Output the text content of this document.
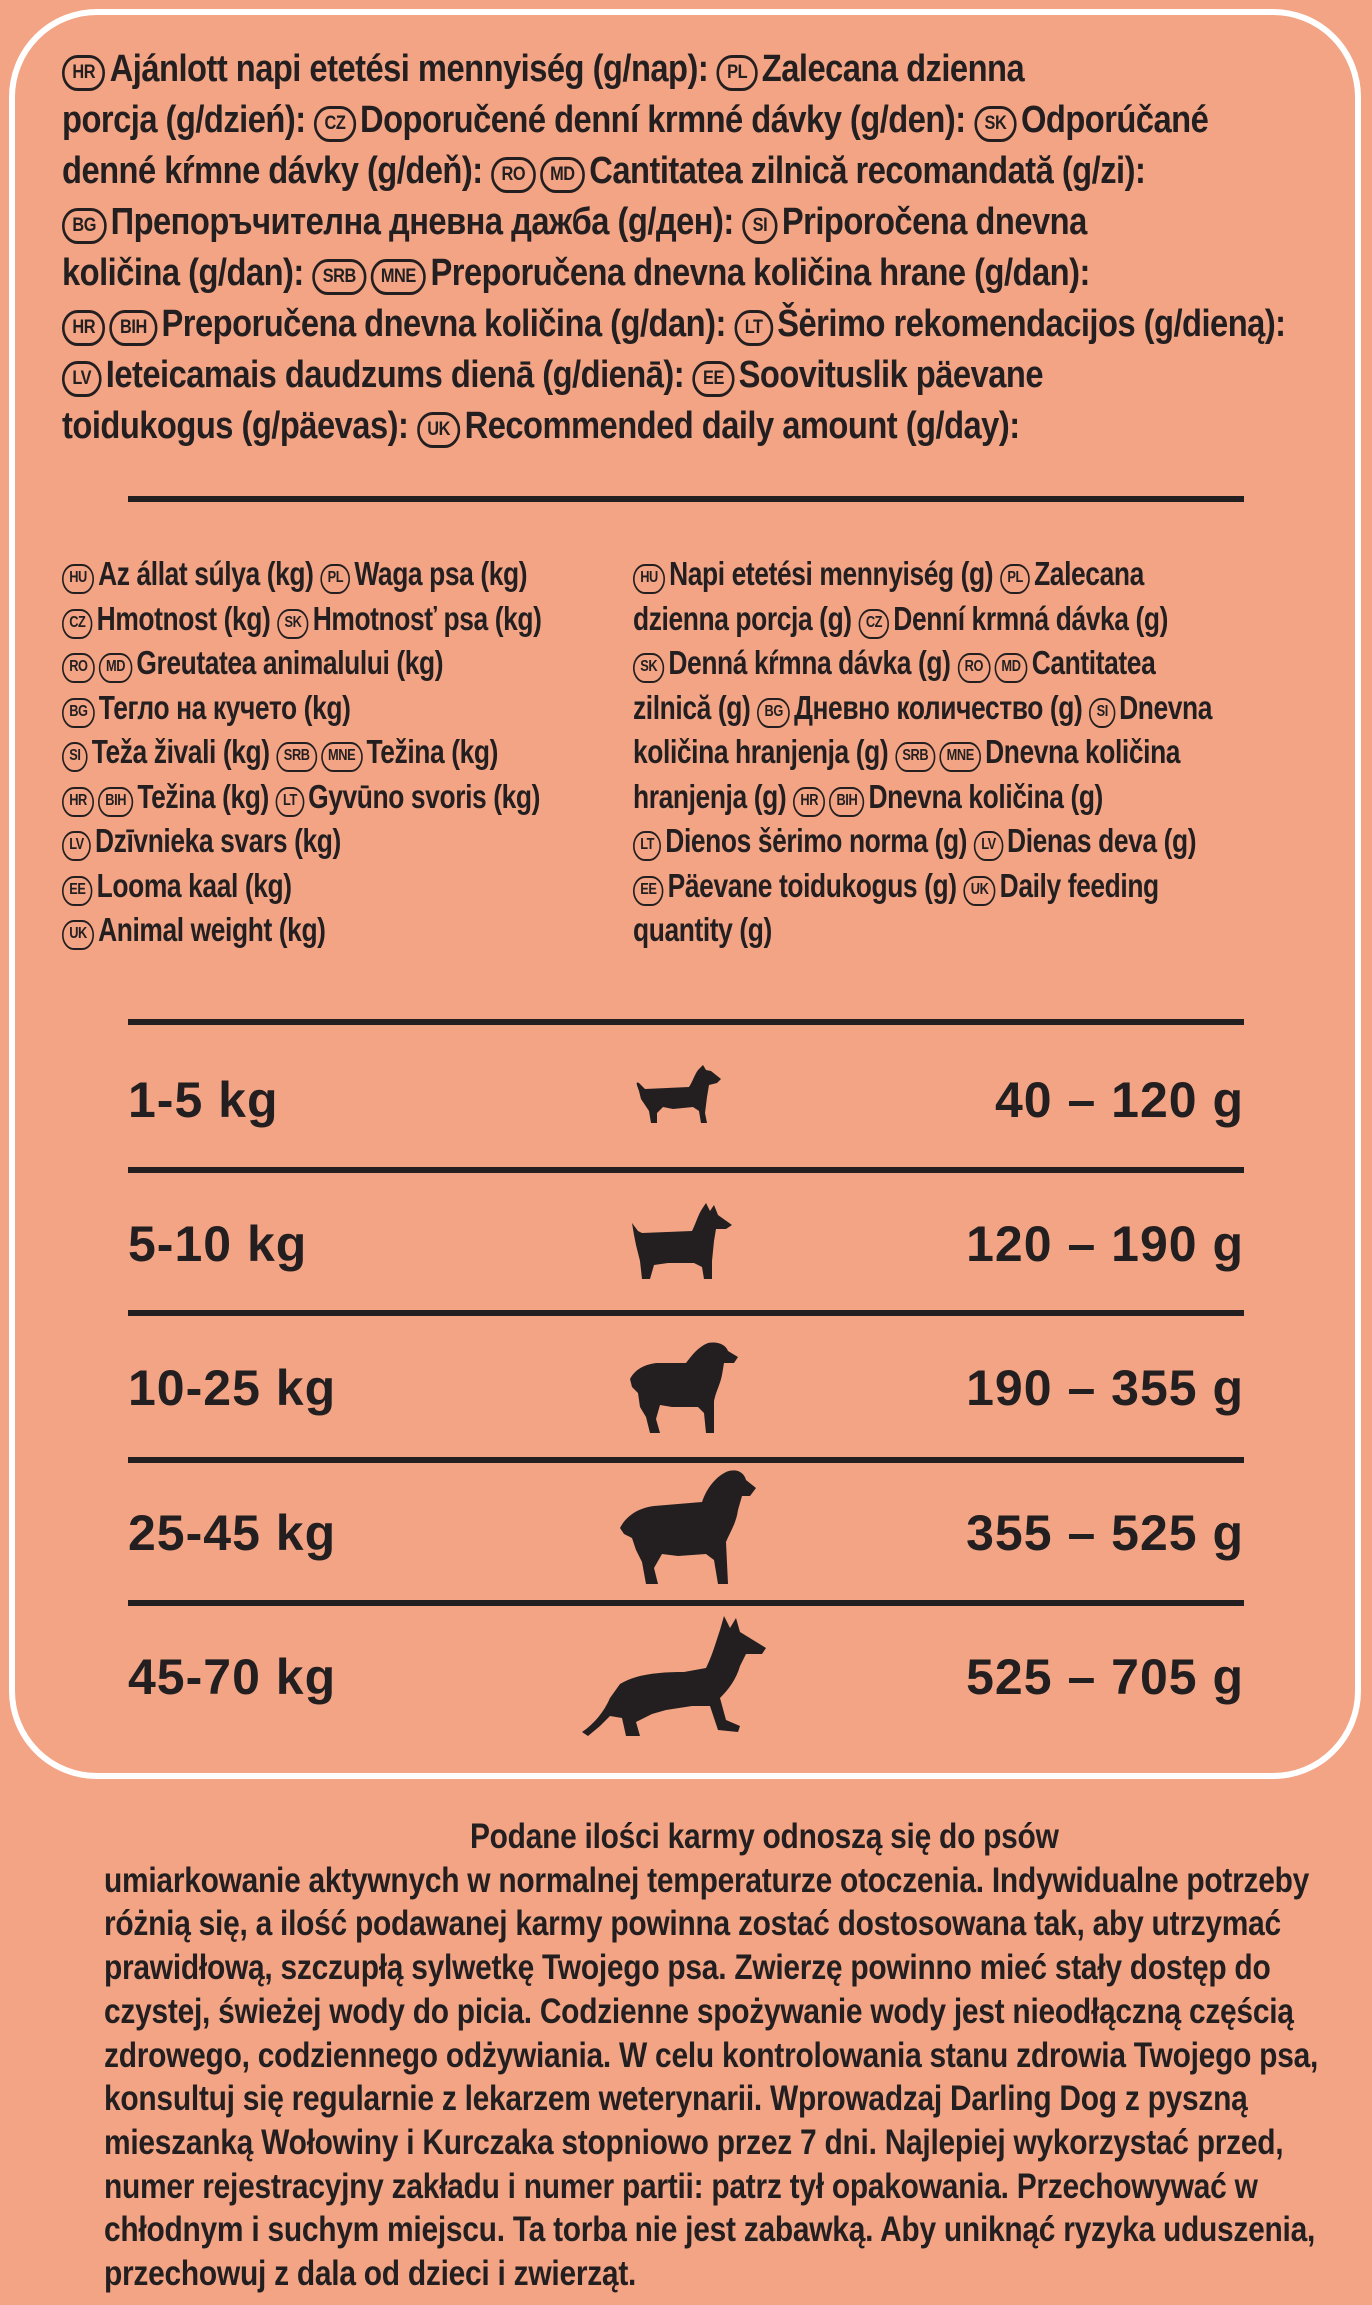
HR Ajánlott napi etetési mennyiség (g/nap): PL Zalecana dzienna
porcja (g/dzień): CZ Doporučené denní krmné dávky (g/den): SK Odporúčané
denné kŕmne dávky (g/deň): RO MD Cantitatea zilnică recomandată (g/zi):
BG Препоръчителна дневна дажба (g/ден): SI Priporočena dnevna
količina (g/dan): SRB MNE Preporučena dnevna količina hrane (g/dan):
HR BIH Preporučena dnevna količina (g/dan): LT Šėrimo rekomendacijos (g/dieną):
LV Ieteicamais daudzums dienā (g/dienā): EE Soovituslik päevane
toidukogus (g/päevas): UK Recommended daily amount (g/day):
HU Az állat súlya (kg) PL Waga psa (kg)
CZ Hmotnost (kg) SK Hmotnosť psa (kg)
RO MD Greutatea animalului (kg)
BG Тегло на кучето (kg)
SI Teža živali (kg) SRB MNE Težina (kg)
HR BIH Težina (kg) LT Gyvūno svoris (kg)
LV Dzīvnieka svars (kg)
EE Looma kaal (kg)
UK Animal weight (kg)
HU Napi etetési mennyiség (g) PL Zalecana
dzienna porcja (g) CZ Denní krmná dávka (g)
SK Denná kŕmna dávka (g) RO MD Cantitatea
zilnică (g) BG Дневно количество (g) SI Dnevna
količina hranjenja (g) SRB MNE Dnevna količina
hranjenja (g) HR BIH Dnevna količina (g)
LT Dienos šėrimo norma (g) LV Dienas deva (g)
EE Päevane toidukogus (g) UK Daily feeding
quantity (g)
1-5 kg	40 – 120 g
5-10 kg	120 – 190 g
10-25 kg	190 – 355 g
25-45 kg	355 – 525 g
45-70 kg	525 – 705 g
Podane ilości karmy odnoszą się do psów
umiarkowanie aktywnych w normalnej temperaturze otoczenia. Indywidualne potrzeby
różnią się, a ilość podawanej karmy powinna zostać dostosowana tak, aby utrzymać
prawidłową, szczupłą sylwetkę Twojego psa. Zwierzę powinno mieć stały dostęp do
czystej, świeżej wody do picia. Codzienne spożywanie wody jest nieodłączną częścią
zdrowego, codziennego odżywiania. W celu kontrolowania stanu zdrowia Twojego psa,
konsultuj się regularnie z lekarzem weterynarii. Wprowadzaj Darling Dog z pyszną
mieszanką Wołowiny i Kurczaka stopniowo przez 7 dni. Najlepiej wykorzystać przed,
numer rejestracyjny zakładu i numer partii: patrz tył opakowania. Przechowywać w
chłodnym i suchym miejscu. Ta torba nie jest zabawką. Aby uniknąć ryzyka uduszenia,
przechowuj z dala od dzieci i zwierząt.
